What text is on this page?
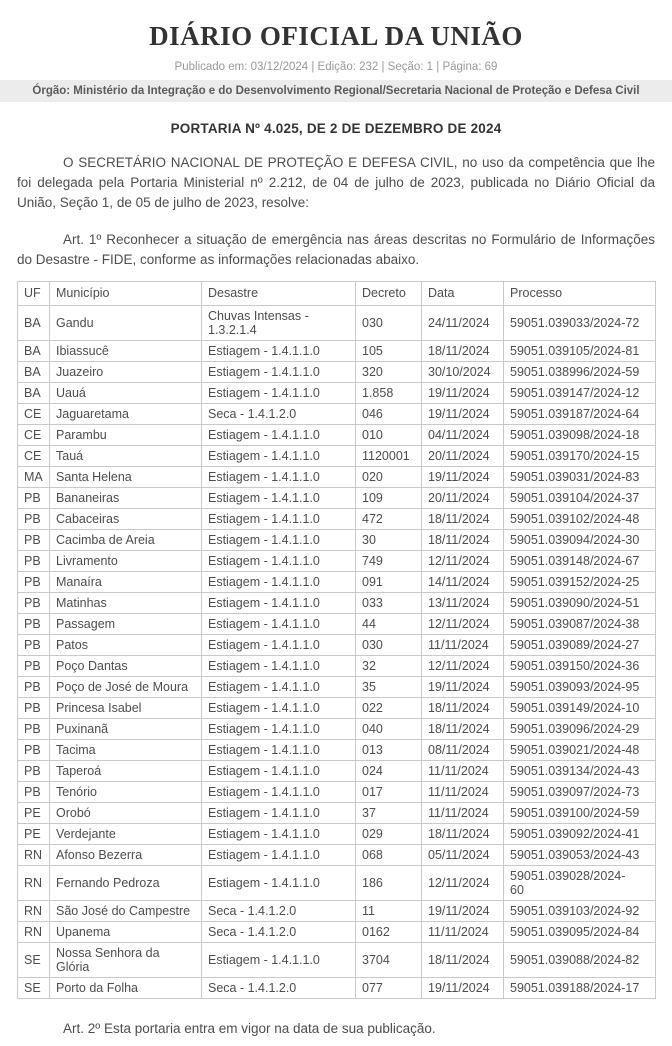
DIÁRIO OFICIAL DA UNIÃO
Publicado em: 03/12/2024 | Edição: 232 | Seção: 1 | Página: 69
Órgão: Ministério da Integração e do Desenvolvimento Regional/Secretaria Nacional de Proteção e Defesa Civil
PORTARIA Nº 4.025, DE 2 DE DEZEMBRO DE 2024

O SECRETÁRIO NACIONAL DE PROTEÇÃO E DEFESA CIVIL, no uso da competência que lhe foi delegada pela Portaria Ministerial nº 2.212, de 04 de julho de 2023, publicada no Diário Oficial da União, Seção 1, de 05 de julho de 2023, resolve:

Art. 1º Reconhecer a situação de emergência nas áreas descritas no Formulário de Informações do Desastre - FIDE, conforme as informações relacionadas abaixo.

UF	Município	Desastre	Decreto	Data	Processo
BA	Gandu	Chuvas Intensas - 1.3.2.1.4	030	24/11/2024	59051.039033/2024-72
BA	Ibiassucê	Estiagem - 1.4.1.1.0	105	18/11/2024	59051.039105/2024-81
BA	Juazeiro	Estiagem - 1.4.1.1.0	320	30/10/2024	59051.038996/2024-59
BA	Uauá	Estiagem - 1.4.1.1.0	1.858	19/11/2024	59051.039147/2024-12
CE	Jaguaretama	Seca - 1.4.1.2.0	046	19/11/2024	59051.039187/2024-64
CE	Parambu	Estiagem - 1.4.1.1.0	010	04/11/2024	59051.039098/2024-18
CE	Tauá	Estiagem - 1.4.1.1.0	1120001	20/11/2024	59051.039170/2024-15
MA	Santa Helena	Estiagem - 1.4.1.1.0	020	19/11/2024	59051.039031/2024-83
PB	Bananeiras	Estiagem - 1.4.1.1.0	109	20/11/2024	59051.039104/2024-37
PB	Cabaceiras	Estiagem - 1.4.1.1.0	472	18/11/2024	59051.039102/2024-48
PB	Cacimba de Areia	Estiagem - 1.4.1.1.0	30	18/11/2024	59051.039094/2024-30
PB	Livramento	Estiagem - 1.4.1.1.0	749	12/11/2024	59051.039148/2024-67
PB	Manaíra	Estiagem - 1.4.1.1.0	091	14/11/2024	59051.039152/2024-25
PB	Matinhas	Estiagem - 1.4.1.1.0	033	13/11/2024	59051.039090/2024-51
PB	Passagem	Estiagem - 1.4.1.1.0	44	12/11/2024	59051.039087/2024-38
PB	Patos	Estiagem - 1.4.1.1.0	030	11/11/2024	59051.039089/2024-27
PB	Poço Dantas	Estiagem - 1.4.1.1.0	32	12/11/2024	59051.039150/2024-36
PB	Poço de José de Moura	Estiagem - 1.4.1.1.0	35	19/11/2024	59051.039093/2024-95
PB	Princesa Isabel	Estiagem - 1.4.1.1.0	022	18/11/2024	59051.039149/2024-10
PB	Puxinanã	Estiagem - 1.4.1.1.0	040	18/11/2024	59051.039096/2024-29
PB	Tacima	Estiagem - 1.4.1.1.0	013	08/11/2024	59051.039021/2024-48
PB	Taperoá	Estiagem - 1.4.1.1.0	024	11/11/2024	59051.039134/2024-43
PB	Tenório	Estiagem - 1.4.1.1.0	017	11/11/2024	59051.039097/2024-73
PE	Orobó	Estiagem - 1.4.1.1.0	37	11/11/2024	59051.039100/2024-59
PE	Verdejante	Estiagem - 1.4.1.1.0	029	18/11/2024	59051.039092/2024-41
RN	Afonso Bezerra	Estiagem - 1.4.1.1.0	068	05/11/2024	59051.039053/2024-43
RN	Fernando Pedroza	Estiagem - 1.4.1.1.0	186	12/11/2024	59051.039028/2024-60
RN	São José do Campestre	Seca - 1.4.1.2.0	11	19/11/2024	59051.039103/2024-92
RN	Upanema	Seca - 1.4.1.2.0	0162	11/11/2024	59051.039095/2024-84
SE	Nossa Senhora da Glória	Estiagem - 1.4.1.1.0	3704	18/11/2024	59051.039088/2024-82
SE	Porto da Folha	Seca - 1.4.1.2.0	077	19/11/2024	59051.039188/2024-17

Art. 2º Esta portaria entra em vigor na data de sua publicação.
